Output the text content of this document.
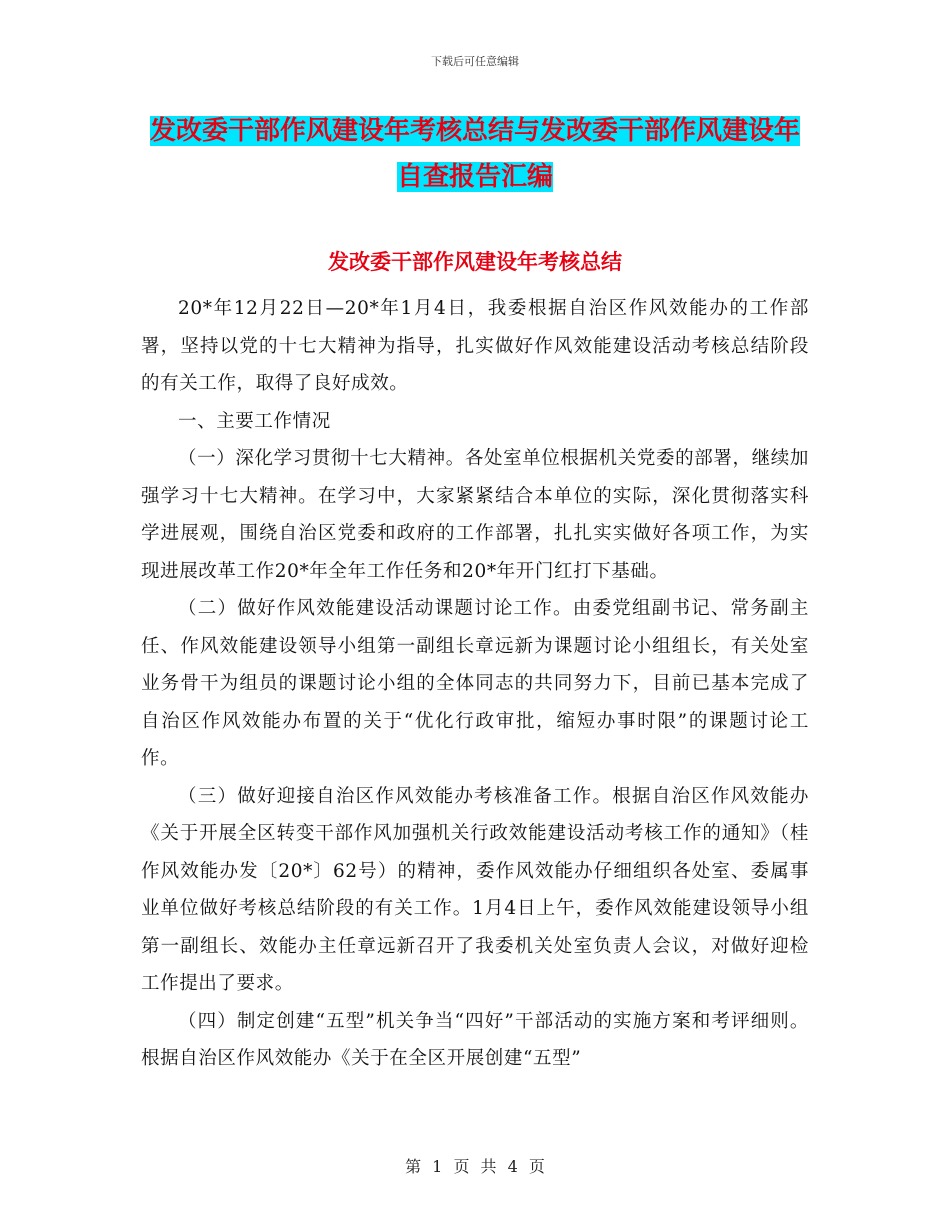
下载后可任意编辑
发改委干部作风建设年考核总结与发改委干部作风建设年自查报告汇编
发改委干部作风建设年考核总结

20*年12月22日—20*年1月4日，我委根据自治区作风效能办的工作部署，坚持以党的十七大精神为指导，扎实做好作风效能建设活动考核总结阶段的有关工作，取得了良好成效。

一、主要工作情况

（一）深化学习贯彻十七大精神。各处室单位根据机关党委的部署，继续加强学习十七大精神。在学习中，大家紧紧结合本单位的实际，深化贯彻落实科学进展观，围绕自治区党委和政府的工作部署，扎扎实实做好各项工作，为实现进展改革工作20*年全年工作任务和20*年开门红打下基础。

（二）做好作风效能建设活动课题讨论工作。由委党组副书记、常务副主任、作风效能建设领导小组第一副组长章远新为课题讨论小组组长，有关处室业务骨干为组员的课题讨论小组的全体同志的共同努力下，目前已基本完成了自治区作风效能办布置的关于“优化行政审批，缩短办事时限”的课题讨论工作。

（三）做好迎接自治区作风效能办考核准备工作。根据自治区作风效能办《关于开展全区转变干部作风加强机关行政效能建设活动考核工作的通知》（桂作风效能办发〔20*〕62号）的精神，委作风效能办仔细组织各处室、委属事业单位做好考核总结阶段的有关工作。1月4日上午，委作风效能建设领导小组第一副组长、效能办主任章远新召开了我委机关处室负责人会议，对做好迎检工作提出了要求。

（四）制定创建“五型”机关争当“四好”干部活动的实施方案和考评细则。根据自治区作风效能办《关于在全区开展创建“五型”

第 1 页 共 4 页
